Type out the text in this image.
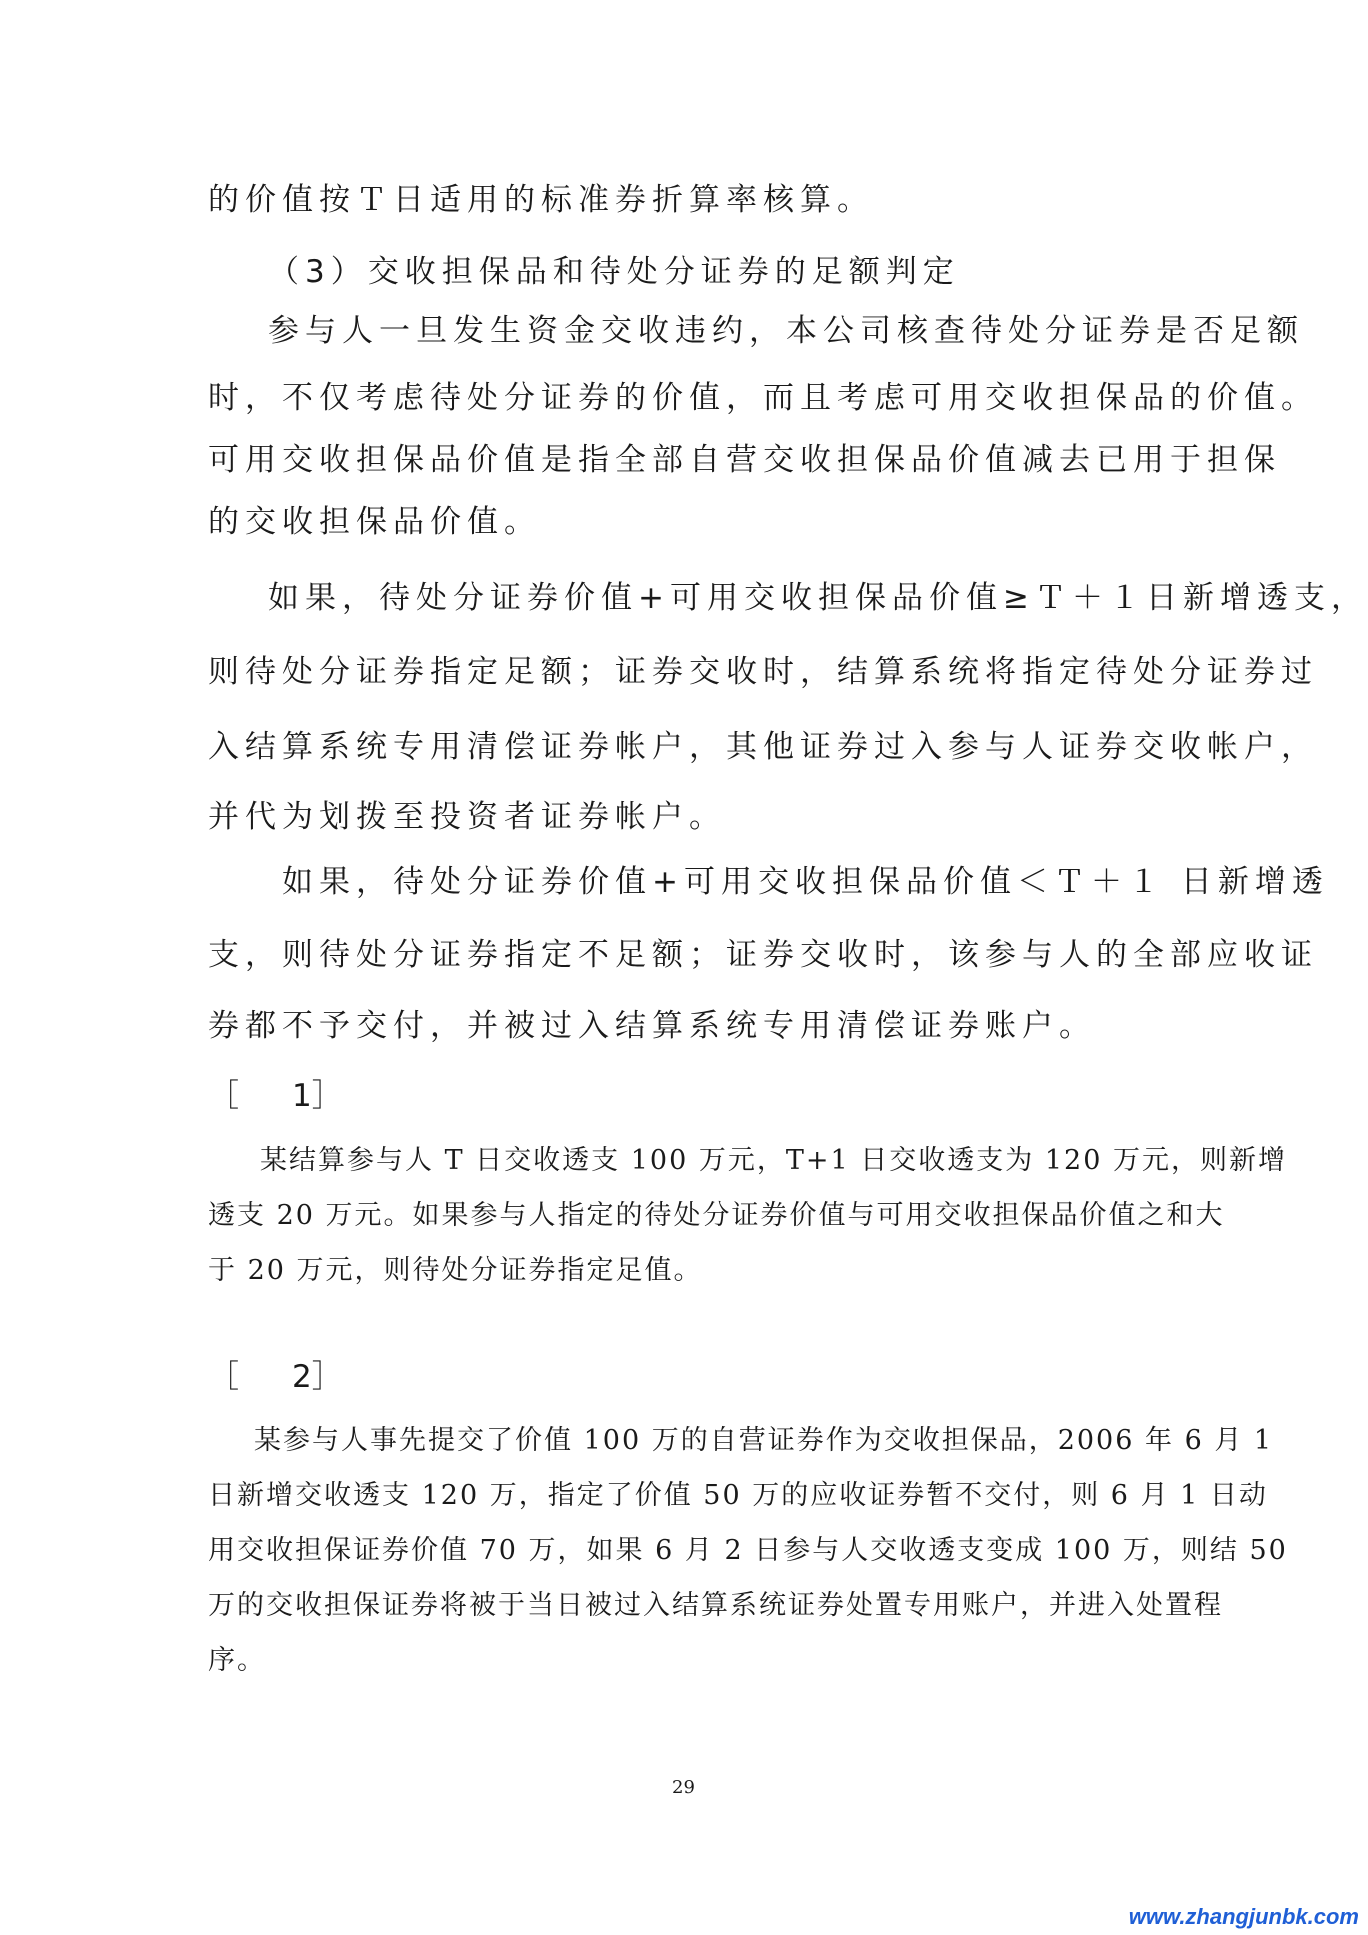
的价值按Ｔ日适用的标准券折算率核算。
（3）交收担保品和待处分证券的足额判定
参与人一旦发生资金交收违约，本公司核查待处分证券是否足额
时，不仅考虑待处分证券的价值，而且考虑可用交收担保品的价值。
可用交收担保品价值是指全部自营交收担保品价值减去已用于担保
的交收担保品价值。
如果，待处分证券价值+可用交收担保品价值≥Ｔ＋１日新增透支，
则待处分证券指定足额；证券交收时，结算系统将指定待处分证券过
入结算系统专用清偿证券帐户，其他证券过入参与人证券交收帐户，
并代为划拨至投资者证券帐户。
如果，待处分证券价值+可用交收担保品价值＜Ｔ＋１ 日新增透
支，则待处分证券指定不足额；证券交收时，该参与人的全部应收证
券都不予交付，并被过入结算系统专用清偿证券账户。
［ 1］
某结算参与人 T 日交收透支 100 万元，T+1 日交收透支为 120 万元，则新增
透支 20 万元。如果参与人指定的待处分证券价值与可用交收担保品价值之和大
于 20 万元，则待处分证券指定足值。
［ 2］
某参与人事先提交了价值 100 万的自营证券作为交收担保品，2006 年 6 月 1
日新增交收透支 120 万，指定了价值 50 万的应收证券暂不交付，则 6 月 1 日动
用交收担保证券价值 70 万，如果 6 月 2 日参与人交收透支变成 100 万，则结 50
万的交收担保证券将被于当日被过入结算系统证券处置专用账户，并进入处置程
序。
29
www.zhangjunbk.com
